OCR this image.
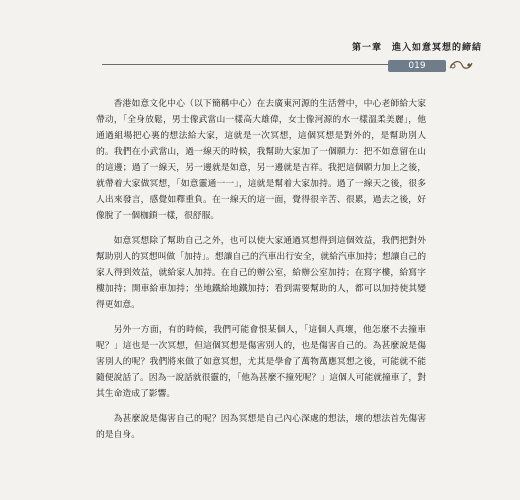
第一章　進入如意冥想的締結
019

香港如意文化中心（以下簡稱中心）在去廣東河源的生活營中，中心老師給大家帶动，「全身放鬆，男士像武當山一樣高大雄偉，女士像河源的水一樣溫柔美麗」，他通過組場把心裏的想法給大家，這就是一次冥想，這個冥想是對外的，是幫助別人的。我們在小武當山，過一線天的時候，我幫助大家加了一個願力：把不如意留在山的這邊；過了一線天，另一邊就是如意，另一邊就是吉祥。我把這個願力加上之後，就帶着大家做冥想，「如意靈通一一」，這就是幫着大家加持。過了一線天之後，很多人出來發言，感覺如釋重負。在一線天的這一面，覺得很辛苦、很累，過去之後，好像脫了一個枷鎖一樣，很舒服。

如意冥想除了幫助自己之外，也可以使大家通過冥想得到這個效益，我們把對外幫助別人的冥想叫做「加持」。想讓自己的汽車出行安全，就給汽車加持；想讓自己的家人得到效益，就給家人加持。在自己的辦公室，給辦公室加持；在寫字樓，給寫字樓加持；開車給車加持；坐地鐵給地鐵加持；看到需要幫助的人，都可以加持使其變得更如意。

另外一方面，有的時候，我們可能會恨某個人，「這個人真壞，他怎麼不去撞車呢？」這也是一次冥想，但這個冥想是傷害別人的，也是傷害自己的。為甚麼說是傷害別人的呢？我們將來做了如意冥想，尤其是學會了萬物萬應冥想之後，可能就不能隨便說話了。因為一說話就很靈的，「他為甚麼不撞死呢？」這個人可能就撞車了，對其生命造成了影響。

為甚麼說是傷害自己的呢？因為冥想是自己內心深處的想法，壞的想法首先傷害的是自身。
